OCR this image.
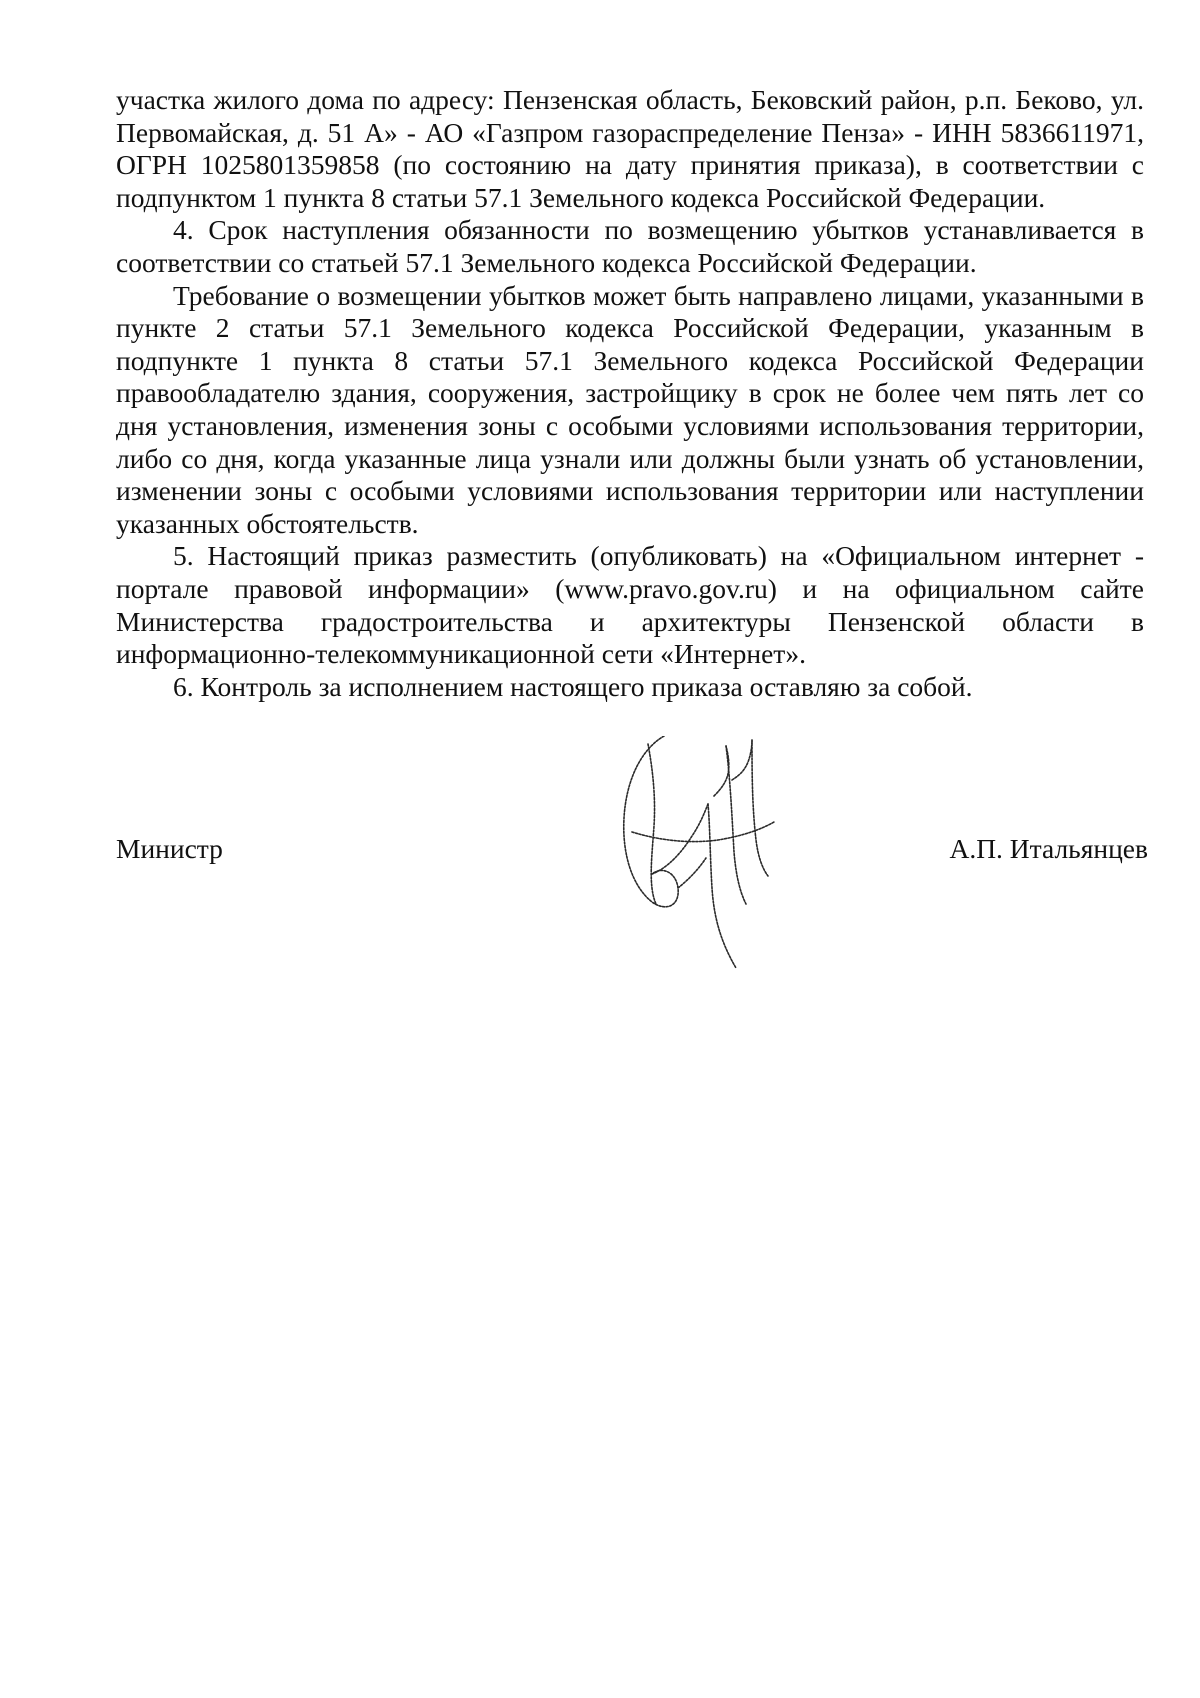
участка жилого дома по адресу: Пензенская область, Бековский район, р.п. Беково, ул. Первомайская, д. 51 А» - АО «Газпром газораспределение Пенза» - ИНН 5836611971, ОГРН 1025801359858 (по состоянию на дату принятия приказа), в соответствии с подпунктом 1 пункта 8 статьи 57.1 Земельного кодекса Российской Федерации.

4. Срок наступления обязанности по возмещению убытков устанавливается в соответствии со статьей 57.1 Земельного кодекса Российской Федерации.

Требование о возмещении убытков может быть направлено лицами, указанными в пункте 2 статьи 57.1 Земельного кодекса Российской Федерации, указанным в подпункте 1 пункта 8 статьи 57.1 Земельного кодекса Российской Федерации правообладателю здания, сооружения, застройщику в срок не более чем пять лет со дня установления, изменения зоны с особыми условиями использования территории, либо со дня, когда указанные лица узнали или должны были узнать об установлении, изменении зоны с особыми условиями использования территории или наступлении указанных обстоятельств.

5. Настоящий приказ разместить (опубликовать) на «Официальном интернет - портале правовой информации» (www.pravo.gov.ru) и на официальном сайте Министерства градостроительства и архитектуры Пензенской области в информационно-телекоммуникационной сети «Интернет».

6. Контроль за исполнением настоящего приказа оставляю за собой.

Министр	А.П. Итальянцев
